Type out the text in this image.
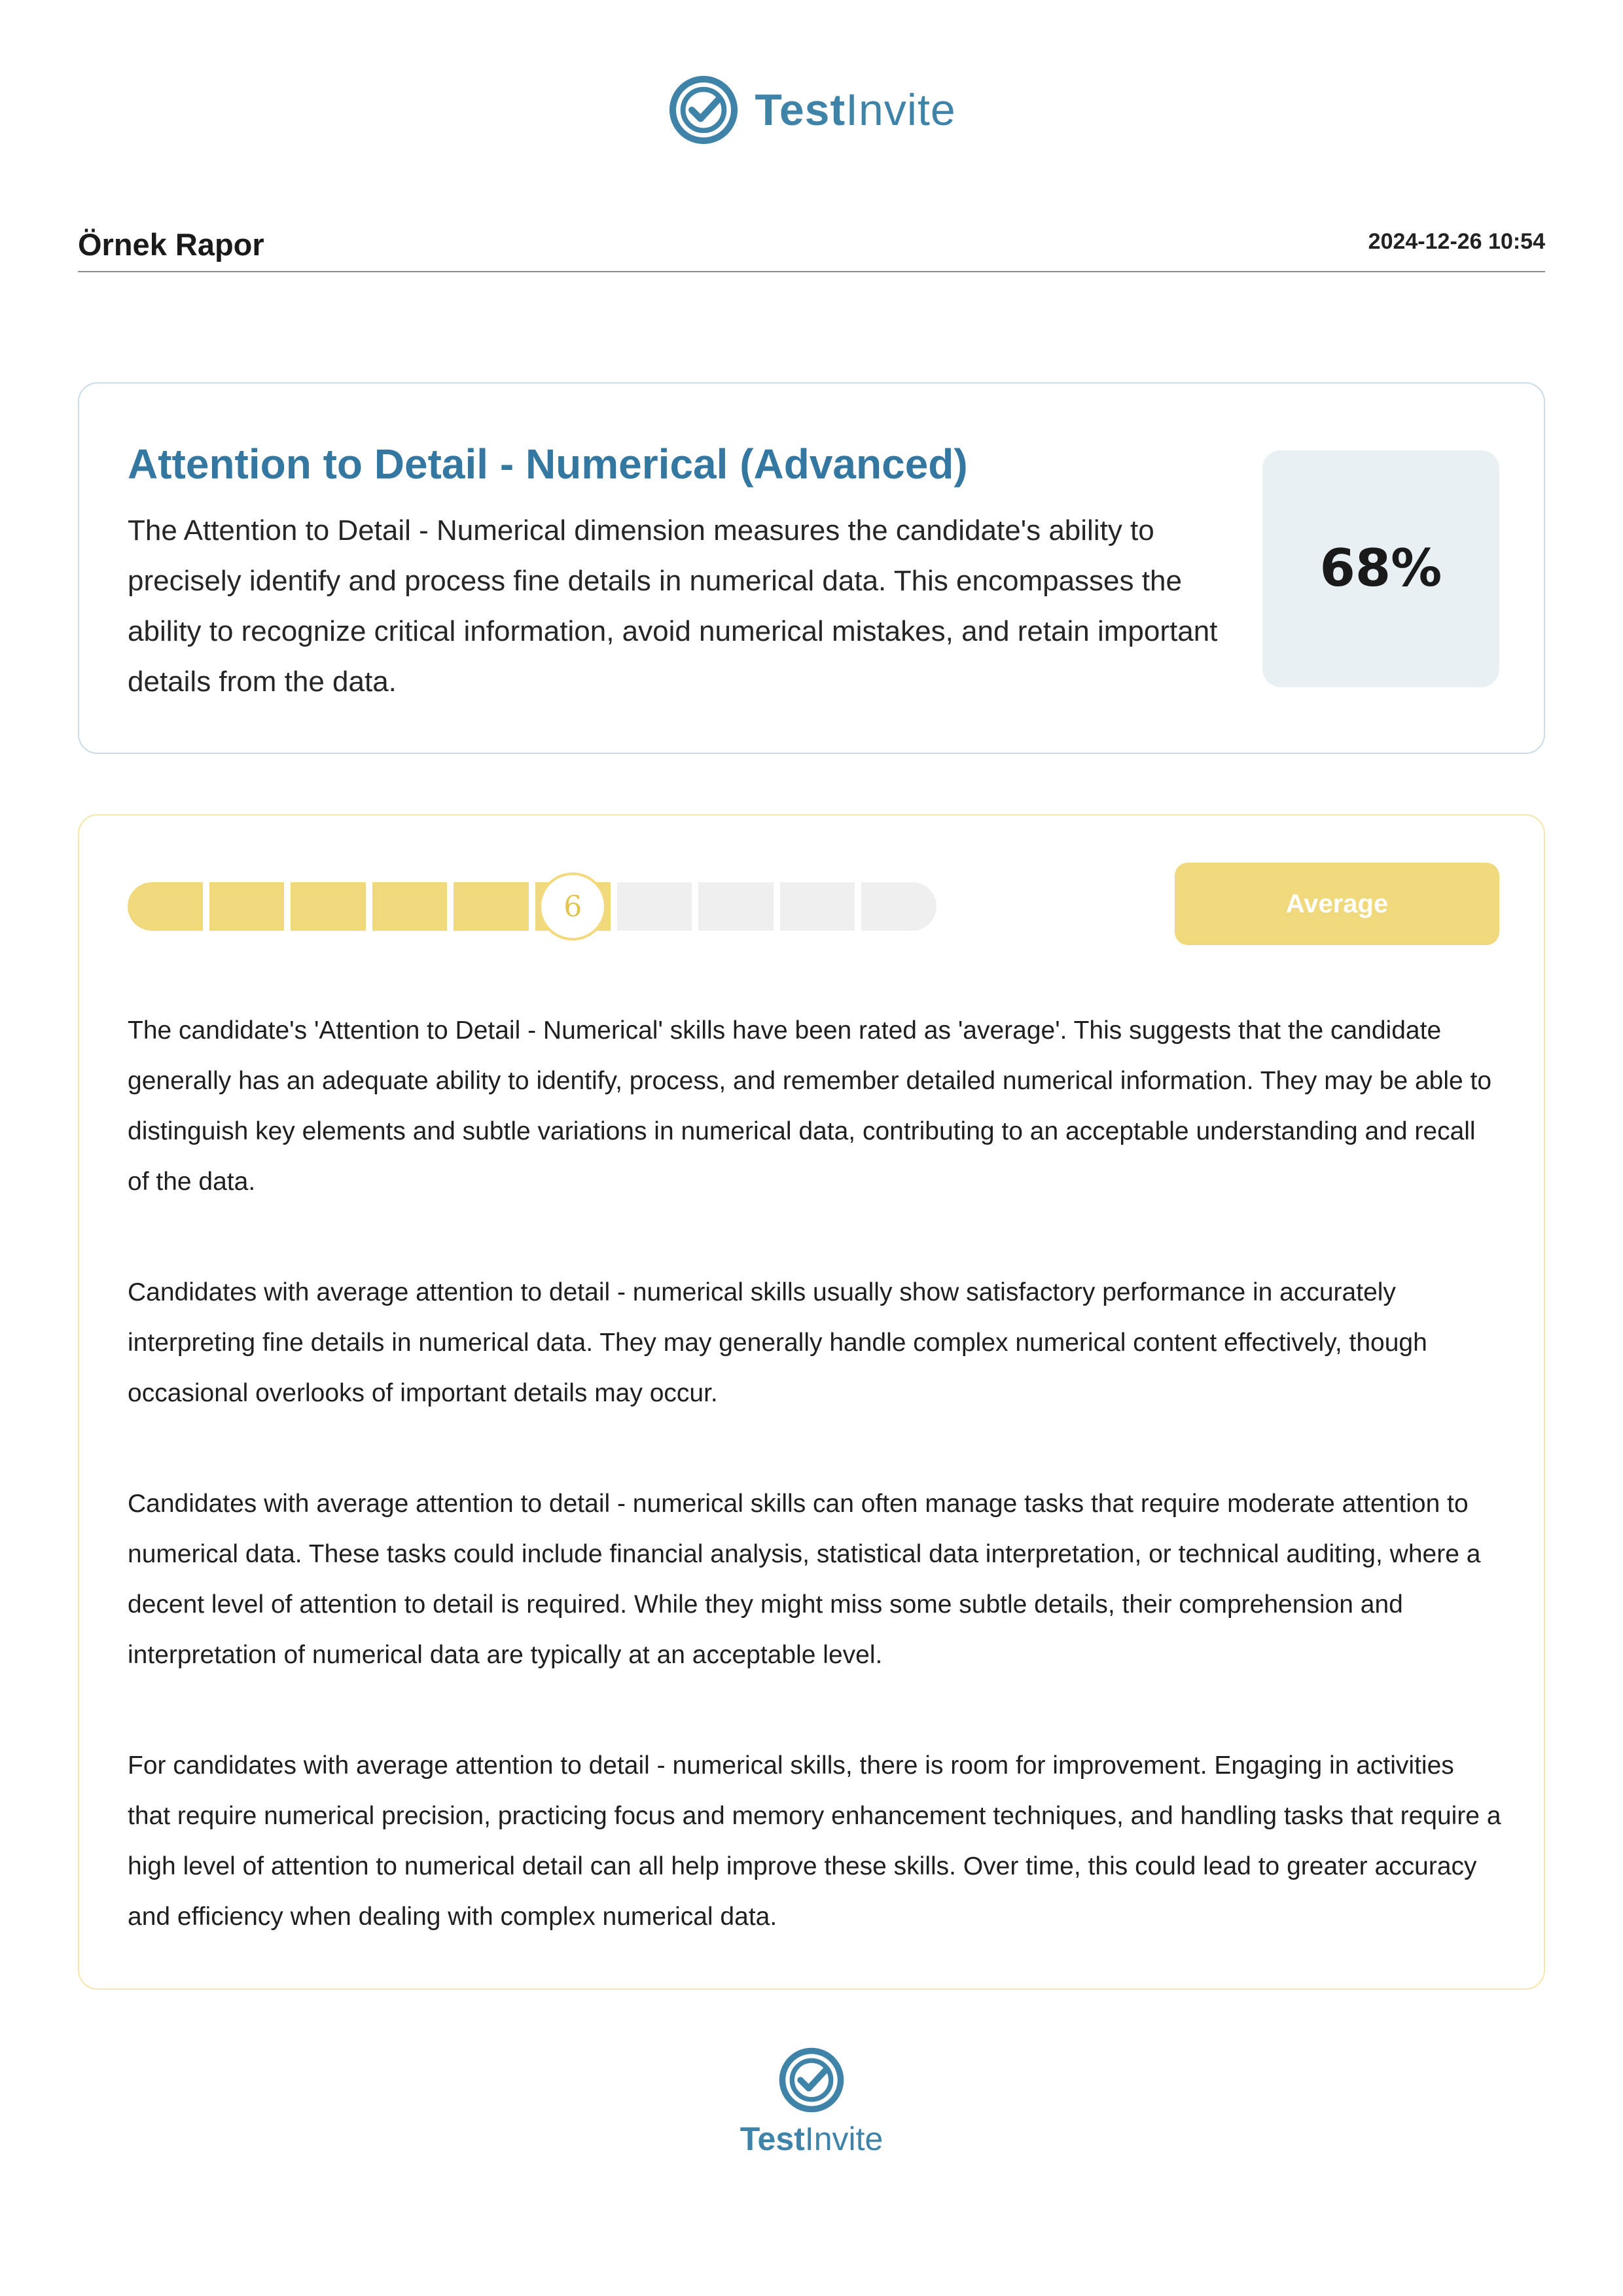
TestInvite
Örnek Rapor	2024-12-26 10:54
Attention to Detail - Numerical (Advanced)

The Attention to Detail - Numerical dimension measures the candidate's ability to precisely identify and process fine details in numerical data. This encompasses the ability to recognize critical information, avoid numerical mistakes, and retain important details from the data.

68%
6	Average

The candidate's 'Attention to Detail - Numerical' skills have been rated as 'average'. This suggests that the candidate generally has an adequate ability to identify, process, and remember detailed numerical information. They may be able to distinguish key elements and subtle variations in numerical data, contributing to an acceptable understanding and recall of the data.

Candidates with average attention to detail - numerical skills usually show satisfactory performance in accurately interpreting fine details in numerical data. They may generally handle complex numerical content effectively, though occasional overlooks of important details may occur.

Candidates with average attention to detail - numerical skills can often manage tasks that require moderate attention to numerical data. These tasks could include financial analysis, statistical data interpretation, or technical auditing, where a decent level of attention to detail is required. While they might miss some subtle details, their comprehension and interpretation of numerical data are typically at an acceptable level.

For candidates with average attention to detail - numerical skills, there is room for improvement. Engaging in activities that require numerical precision, practicing focus and memory enhancement techniques, and handling tasks that require a high level of attention to numerical detail can all help improve these skills. Over time, this could lead to greater accuracy and efficiency when dealing with complex numerical data.

TestInvite
